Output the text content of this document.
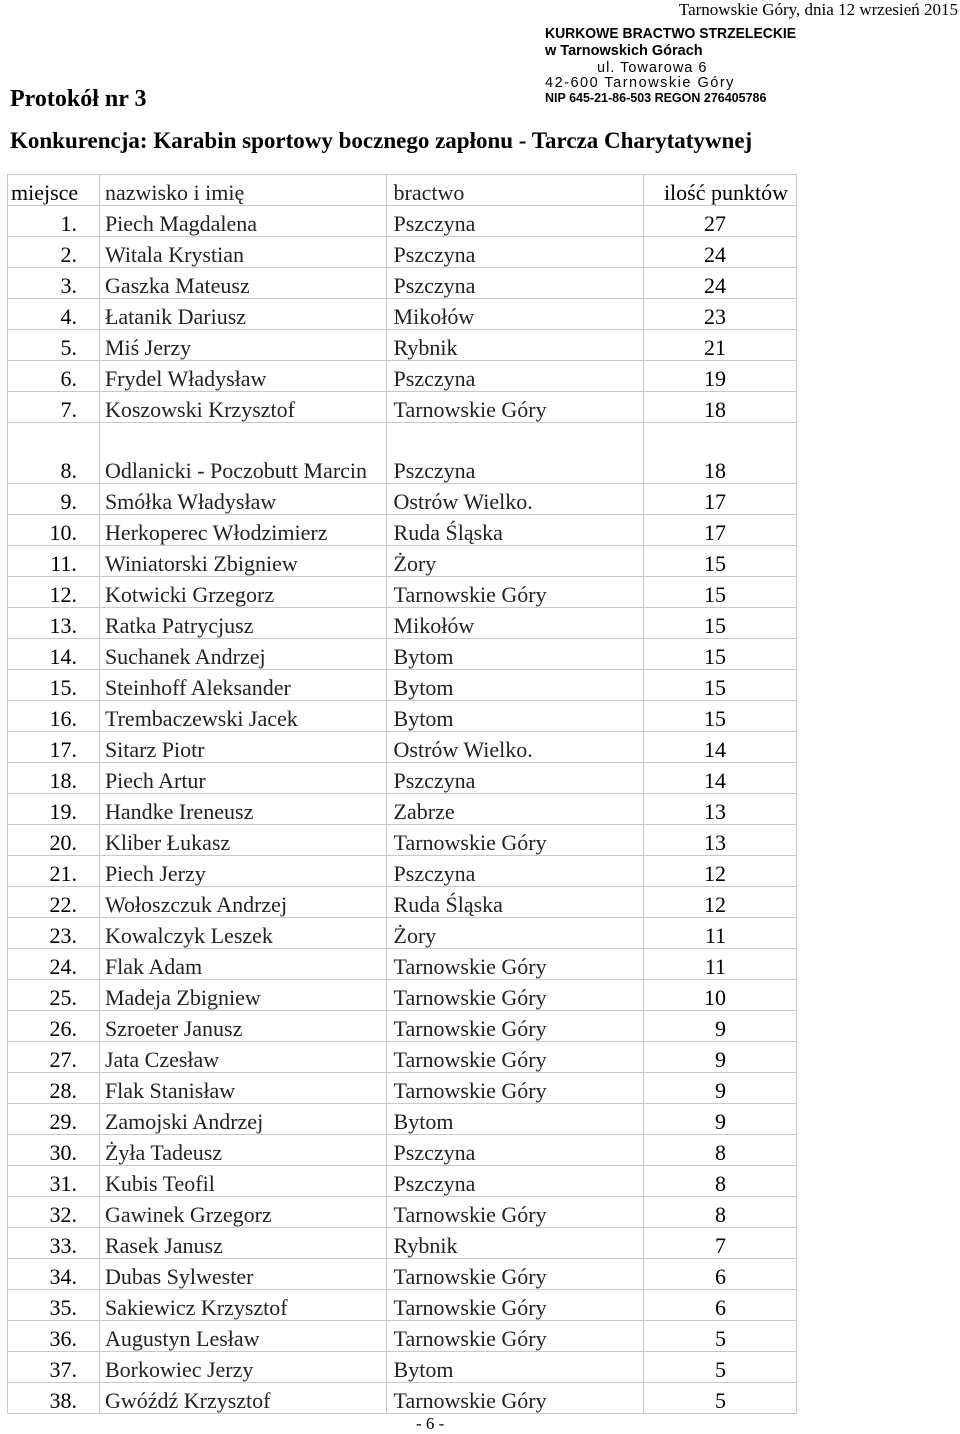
Tarnowskie Góry, dnia 12 wrzesień 2015
KURKOWE BRACTWO STRZELECKIE
w Tarnowskich Górach
ul. Towarowa 6
42-600 Tarnowskie Góry
NIP 645-21-86-503 REGON 276405786
Protokół nr 3
Konkurencja: Karabin sportowy bocznego zapłonu - Tarcza Charytatywnej
miejsce	nazwisko i imię	bractwo	ilość punktów
1.	Piech Magdalena	Pszczyna	27
2.	Witala Krystian	Pszczyna	24
3.	Gaszka Mateusz	Pszczyna	24
4.	Łatanik Dariusz	Mikołów	23
5.	Miś Jerzy	Rybnik	21
6.	Frydel Władysław	Pszczyna	19
7.	Koszowski Krzysztof	Tarnowskie Góry	18
8.	Odlanicki - Poczobutt Marcin	Pszczyna	18
9.	Smółka Władysław	Ostrów Wielko.	17
10.	Herkoperec Włodzimierz	Ruda Śląska	17
11.	Winiatorski Zbigniew	Żory	15
12.	Kotwicki Grzegorz	Tarnowskie Góry	15
13.	Ratka Patrycjusz	Mikołów	15
14.	Suchanek Andrzej	Bytom	15
15.	Steinhoff Aleksander	Bytom	15
16.	Trembaczewski Jacek	Bytom	15
17.	Sitarz Piotr	Ostrów Wielko.	14
18.	Piech Artur	Pszczyna	14
19.	Handke Ireneusz	Zabrze	13
20.	Kliber Łukasz	Tarnowskie Góry	13
21.	Piech Jerzy	Pszczyna	12
22.	Wołoszczuk Andrzej	Ruda Śląska	12
23.	Kowalczyk Leszek	Żory	11
24.	Flak Adam	Tarnowskie Góry	11
25.	Madeja Zbigniew	Tarnowskie Góry	10
26.	Szroeter Janusz	Tarnowskie Góry	9
27.	Jata Czesław	Tarnowskie Góry	9
28.	Flak Stanisław	Tarnowskie Góry	9
29.	Zamojski Andrzej	Bytom	9
30.	Żyła Tadeusz	Pszczyna	8
31.	Kubis Teofil	Pszczyna	8
32.	Gawinek Grzegorz	Tarnowskie Góry	8
33.	Rasek Janusz	Rybnik	7
34.	Dubas Sylwester	Tarnowskie Góry	6
35.	Sakiewicz Krzysztof	Tarnowskie Góry	6
36.	Augustyn Lesław	Tarnowskie Góry	5
37.	Borkowiec Jerzy	Bytom	5
38.	Gwóźdź Krzysztof	Tarnowskie Góry	5
- 6 -
